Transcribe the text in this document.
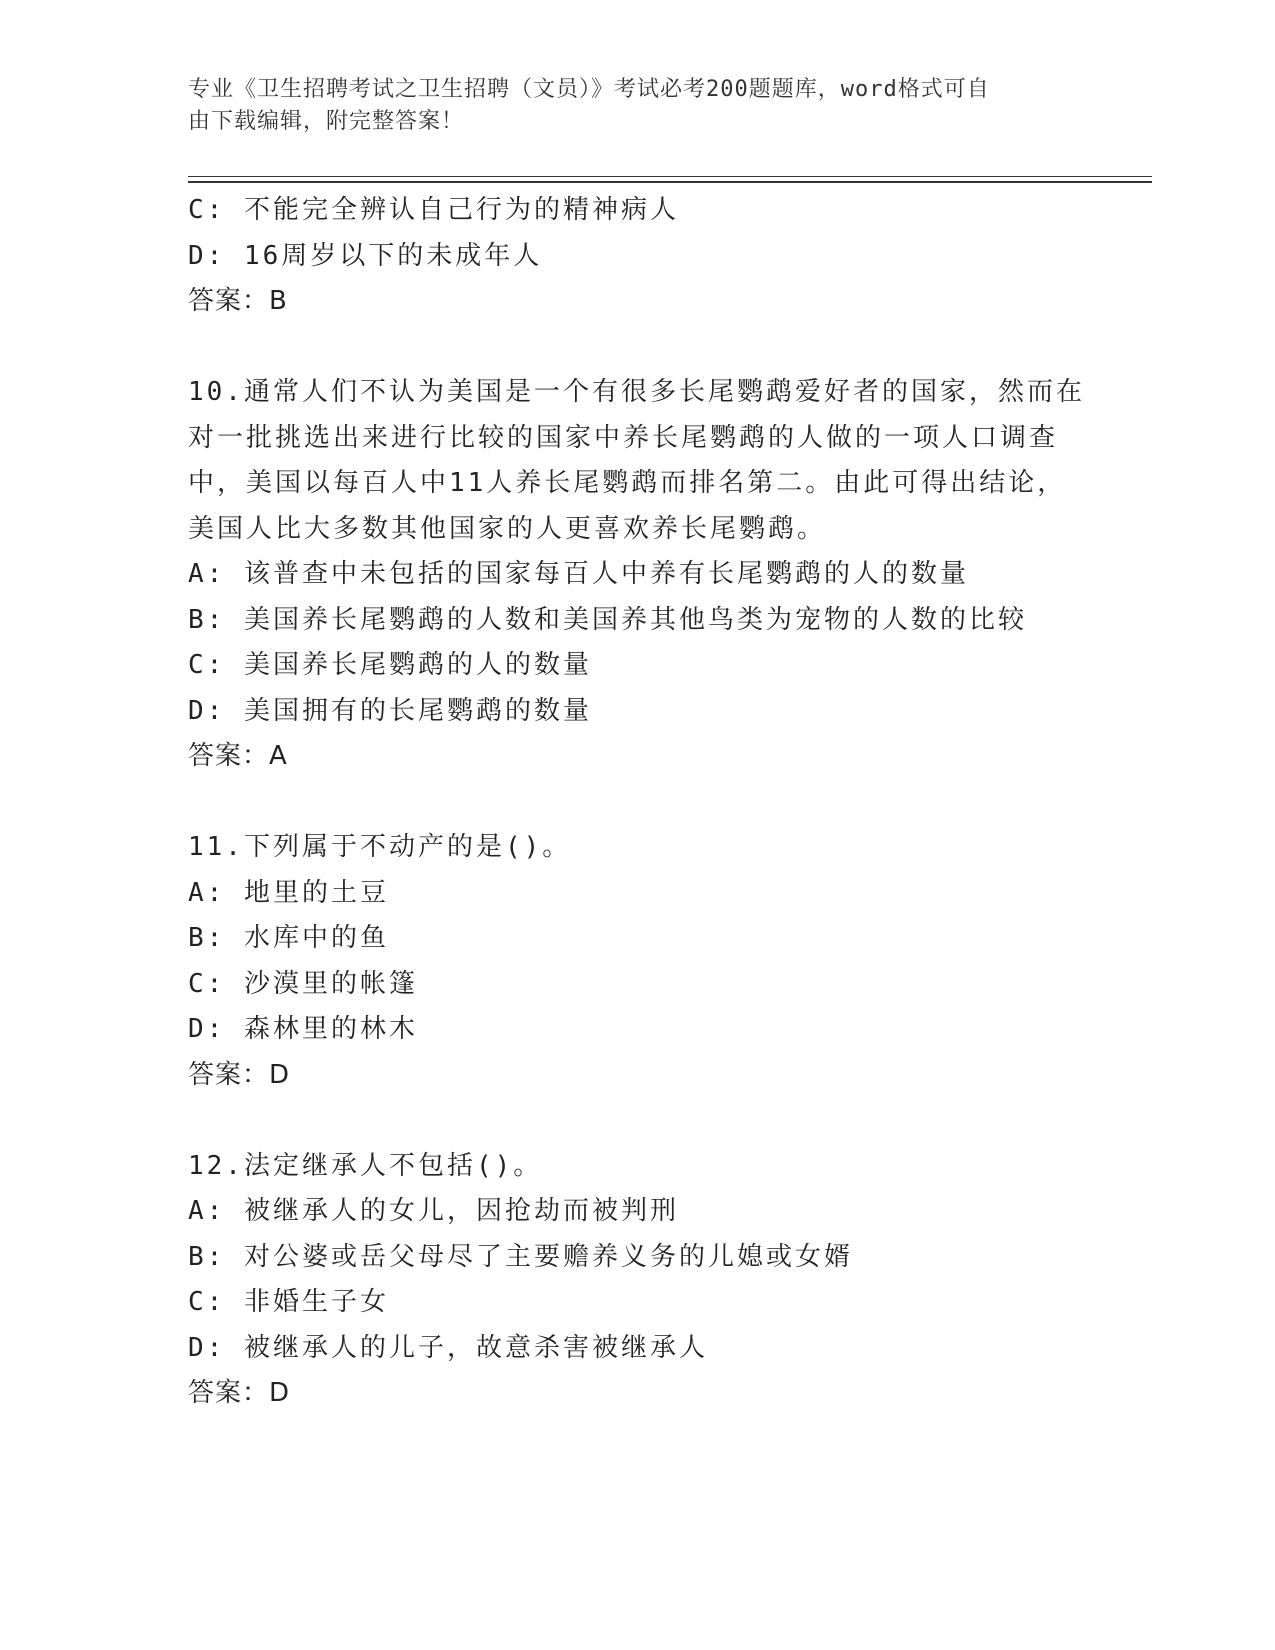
专业《卫生招聘考试之卫生招聘（文员）》考试必考200题题库，word格式可自
由下载编辑，附完整答案！
C: 不能完全辨认自己行为的精神病人
D: 16周岁以下的未成年人
答案：B
10.通常人们不认为美国是一个有很多长尾鹦鹉爱好者的国家，然而在
对一批挑选出来进行比较的国家中养长尾鹦鹉的人做的一项人口调查
中，美国以每百人中11人养长尾鹦鹉而排名第二。由此可得出结论，
美国人比大多数其他国家的人更喜欢养长尾鹦鹉。
A: 该普查中未包括的国家每百人中养有长尾鹦鹉的人的数量
B: 美国养长尾鹦鹉的人数和美国养其他鸟类为宠物的人数的比较
C: 美国养长尾鹦鹉的人的数量
D: 美国拥有的长尾鹦鹉的数量
答案：A
11.下列属于不动产的是()。
A: 地里的土豆
B: 水库中的鱼
C: 沙漠里的帐篷
D: 森林里的林木
答案：D
12.法定继承人不包括()。
A: 被继承人的女儿，因抢劫而被判刑
B: 对公婆或岳父母尽了主要赡养义务的儿媳或女婿
C: 非婚生子女
D: 被继承人的儿子，故意杀害被继承人
答案：D
